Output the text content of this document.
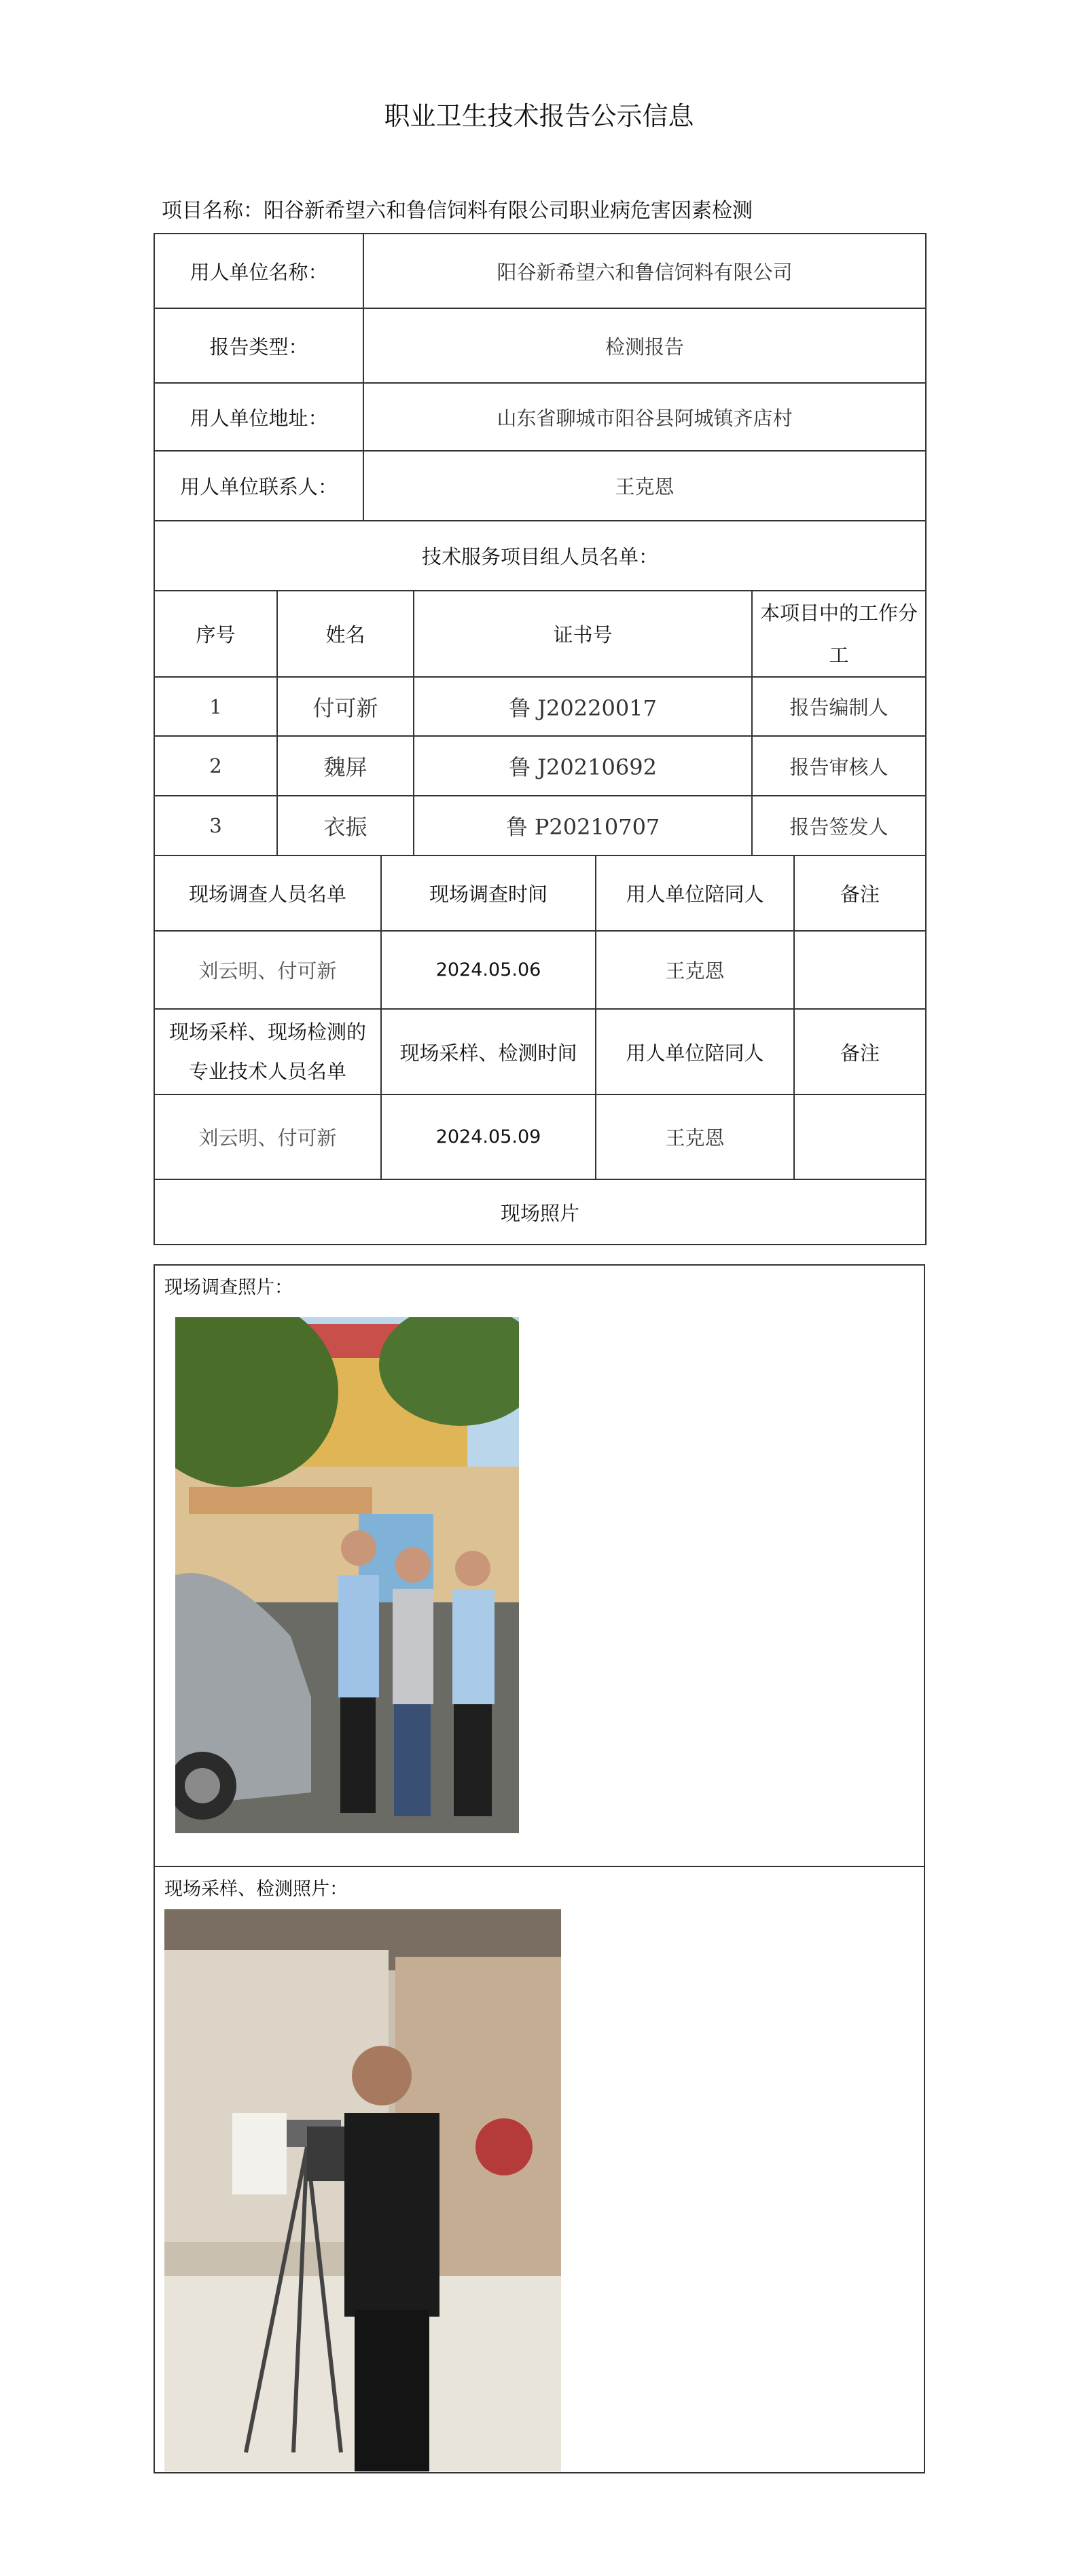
职业卫生技术报告公示信息
项目名称：阳谷新希望六和鲁信饲料有限公司职业病危害因素检测
用人单位名称：	阳谷新希望六和鲁信饲料有限公司
报告类型：	检测报告
用人单位地址：	山东省聊城市阳谷县阿城镇齐店村
用人单位联系人：	王克恩
技术服务项目组人员名单：	
序号	姓名	证书号	本项目中的工作分工
1	付可新	鲁 J20220017	报告编制人
2	魏屏	鲁 J20210692	报告审核人
3	衣振	鲁 P20210707	报告签发人
现场调查人员名单	现场调查时间	用人单位陪同人	备注
刘云明、付可新	2024.05.06	王克恩	
现场采样、现场检测的专业技术人员名单	现场采样、检测时间	用人单位陪同人	备注
刘云明、付可新	2024.05.09	王克恩	
现场照片			
现场调查照片：
现场采样、检测照片：
